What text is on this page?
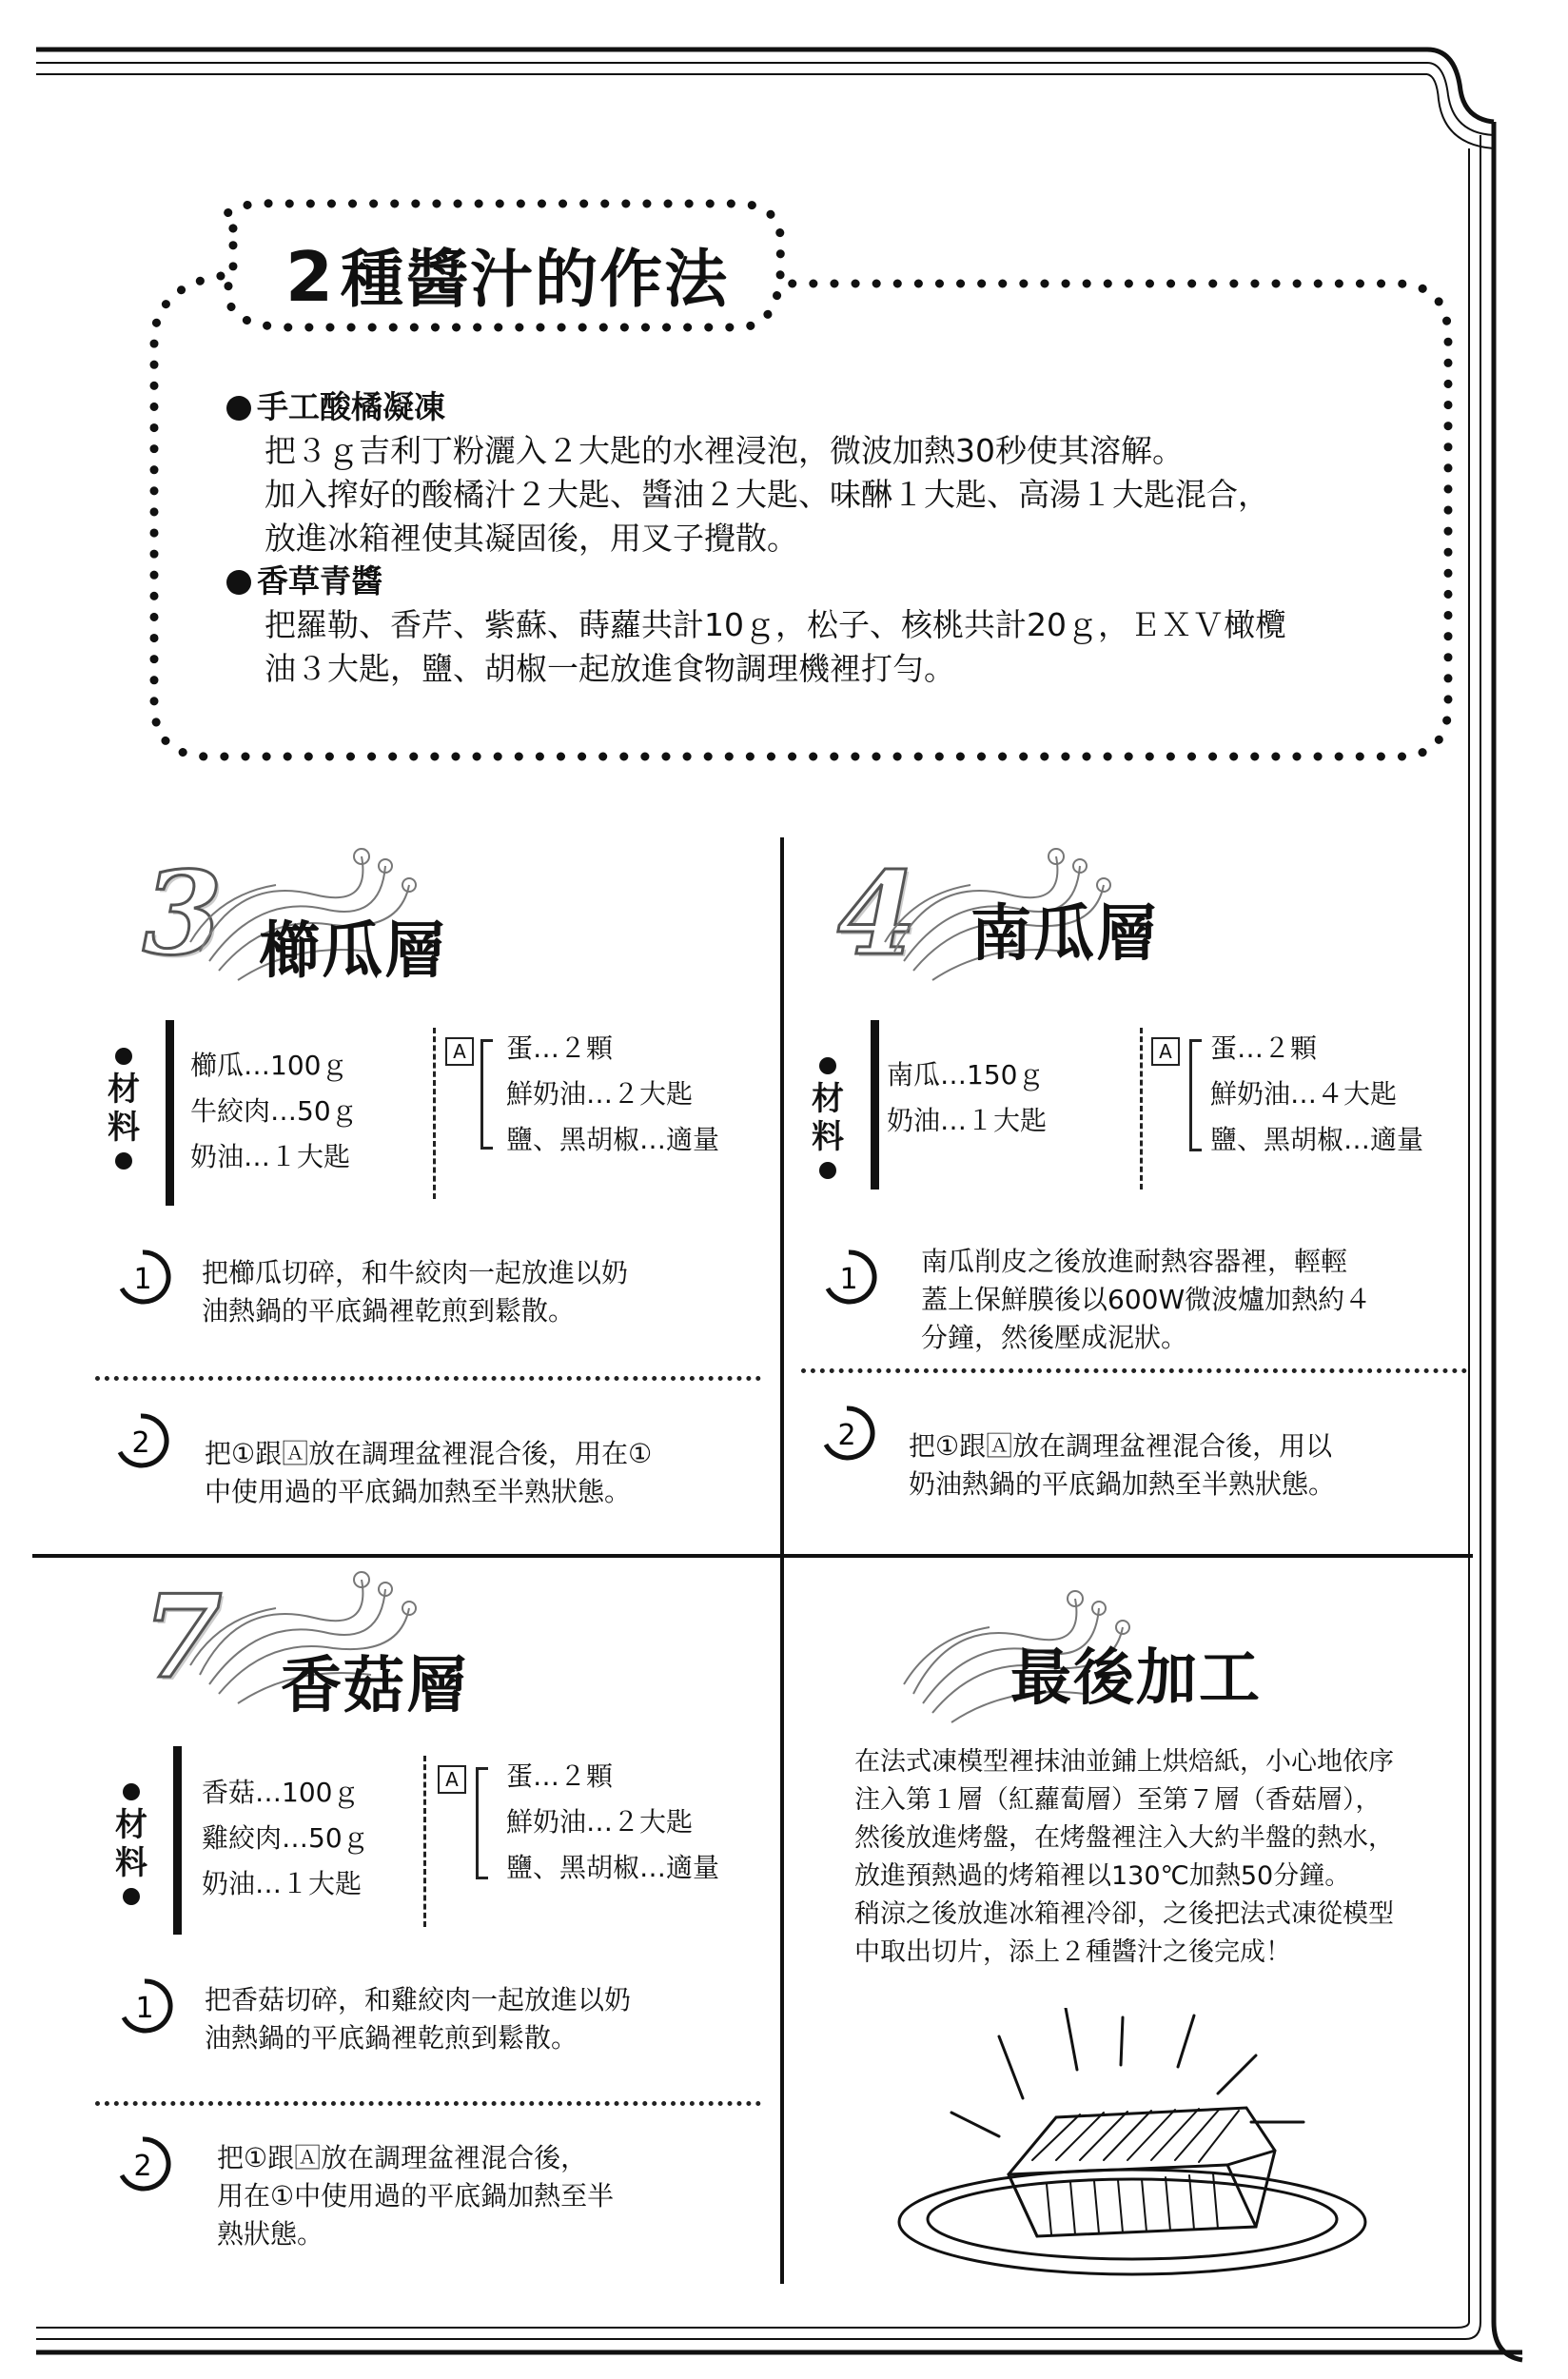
2種醬汁的作法
手工酸橘凝凍
把３ｇ吉利丁粉灑入２大匙的水裡浸泡，微波加熱30秒使其溶解。
加入搾好的酸橘汁２大匙、醬油２大匙、味醂１大匙、高湯１大匙混合，
放進冰箱裡使其凝固後，用叉子攪散。
香草青醬
把羅勒、香芹、紫蘇、蒔蘿共計10ｇ，松子、核桃共計20ｇ，ＥＸＶ橄欖
油３大匙，鹽、胡椒一起放進食物調理機裡打勻。
3 櫛瓜層
材料
櫛瓜…100ｇ
牛絞肉…50ｇ
奶油…１大匙
A 蛋…２顆
鮮奶油…２大匙
鹽、黑胡椒…適量
1 把櫛瓜切碎，和牛絞肉一起放進以奶
油熱鍋的平底鍋裡乾煎到鬆散。
2 把①跟🄰放在調理盆裡混合後，用在①
中使用過的平底鍋加熱至半熟狀態。
4 南瓜層
材料
南瓜…150ｇ
奶油…１大匙
A 蛋…２顆
鮮奶油…４大匙
鹽、黑胡椒…適量
1
南瓜削皮之後放進耐熱容器裡，輕輕
蓋上保鮮膜後以600W微波爐加熱約４
分鐘，然後壓成泥狀。
2 把①跟🄰放在調理盆裡混合後，用以
奶油熱鍋的平底鍋加熱至半熟狀態。
7 香菇層
材料
香菇…100ｇ
雞絞肉…50ｇ
奶油…１大匙
A 蛋…２顆
鮮奶油…２大匙
鹽、黑胡椒…適量
1 把香菇切碎，和雞絞肉一起放進以奶
油熱鍋的平底鍋裡乾煎到鬆散。
2 把①跟🄰放在調理盆裡混合後，
用在①中使用過的平底鍋加熱至半
熟狀態。
最後加工
在法式凍模型裡抹油並鋪上烘焙紙，小心地依序
注入第１層（紅蘿蔔層）至第７層（香菇層），
然後放進烤盤，在烤盤裡注入大約半盤的熱水，
放進預熱過的烤箱裡以130℃加熱50分鐘。
稍涼之後放進冰箱裡冷卻，之後把法式凍從模型
中取出切片，添上２種醬汁之後完成！
